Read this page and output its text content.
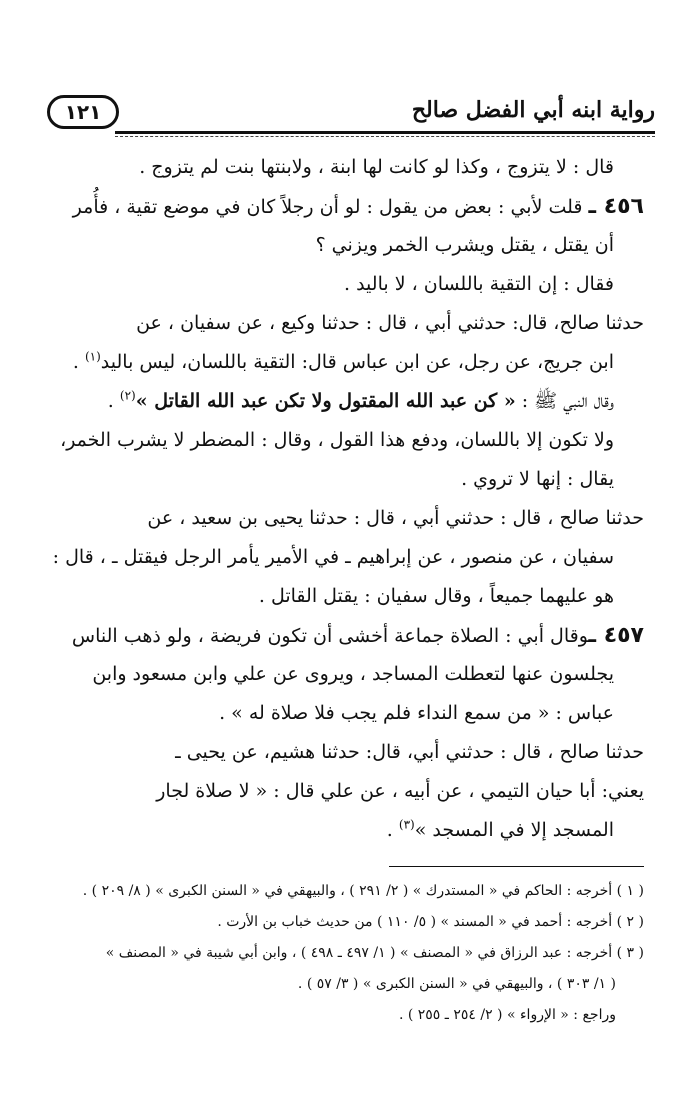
رواية ابنه أبي الفضل صالح
١٢١
قال : لا يتزوج ، وكذا لو كانت لها ابنة ، ولابنتها بنت لم يتزوج .
٤٥٦ ـ قلت لأبي : بعض من يقول : لو أن رجلاً كان في موضع تقية ، فأُمر
أن يقتل ، يقتل ويشرب الخمر ويزني ؟
فقال : إن التقية باللسان ، لا باليد .
حدثنا صالح، قال: حدثني أبي ، قال : حدثنا وكيع ، عن سفيان ، عن
ابن جريج، عن رجل، عن ابن عباس قال: التقية باللسان، ليس باليد$^{(١)}$ .
وقال النبي ﷺ : « كن عبد الله المقتول ولا تكن عبد الله القاتل »$^{(٢)}$ .
ولا تكون إلا باللسان، ودفع هذا القول ، وقال : المضطر لا يشرب الخمر،
يقال : إنها لا تروي .
حدثنا صالح ، قال : حدثني أبي ، قال : حدثنا يحيى بن سعيد ، عن
سفيان ، عن منصور ، عن إبراهيم ـ في الأمير يأمر الرجل فيقتل ـ ، قال :
هو عليهما جميعاً ، وقال سفيان : يقتل القاتل .
٤٥٧ ـوقال أبي : الصلاة جماعة أخشى أن تكون فريضة ، ولو ذهب الناس
يجلسون عنها لتعطلت المساجد ، ويروى عن علي وابن مسعود وابن
عباس : « من سمع النداء فلم يجب فلا صلاة له » .
حدثنا صالح ، قال : حدثني أبي، قال: حدثنا هشيم، عن يحيى ـ
يعني: أبا حيان التيمي ، عن أبيه ، عن علي قال : « لا صلاة لجار
المسجد إلا في المسجد »$^{(٣)}$ .
( ١ ) أخرجه : الحاكم في « المستدرك » ( ٢/ ٢٩١ ) ، والبيهقي في « السنن الكبرى » ( ٨/ ٢٠٩ ) .
( ٢ ) أخرجه : أحمد في « المسند » ( ٥/ ١١٠ ) من حديث خباب بن الأرت .
( ٣ ) أخرجه : عبد الرزاق في « المصنف » ( ١/ ٤٩٧ ـ ٤٩٨ ) ، وابن أبي شيبة في « المصنف »
( ١/ ٣٠٣ ) ، والبيهقي في « السنن الكبرى » ( ٣/ ٥٧ ) .
وراجع : « الإرواء » ( ٢/ ٢٥٤ ـ ٢٥٥ ) .
